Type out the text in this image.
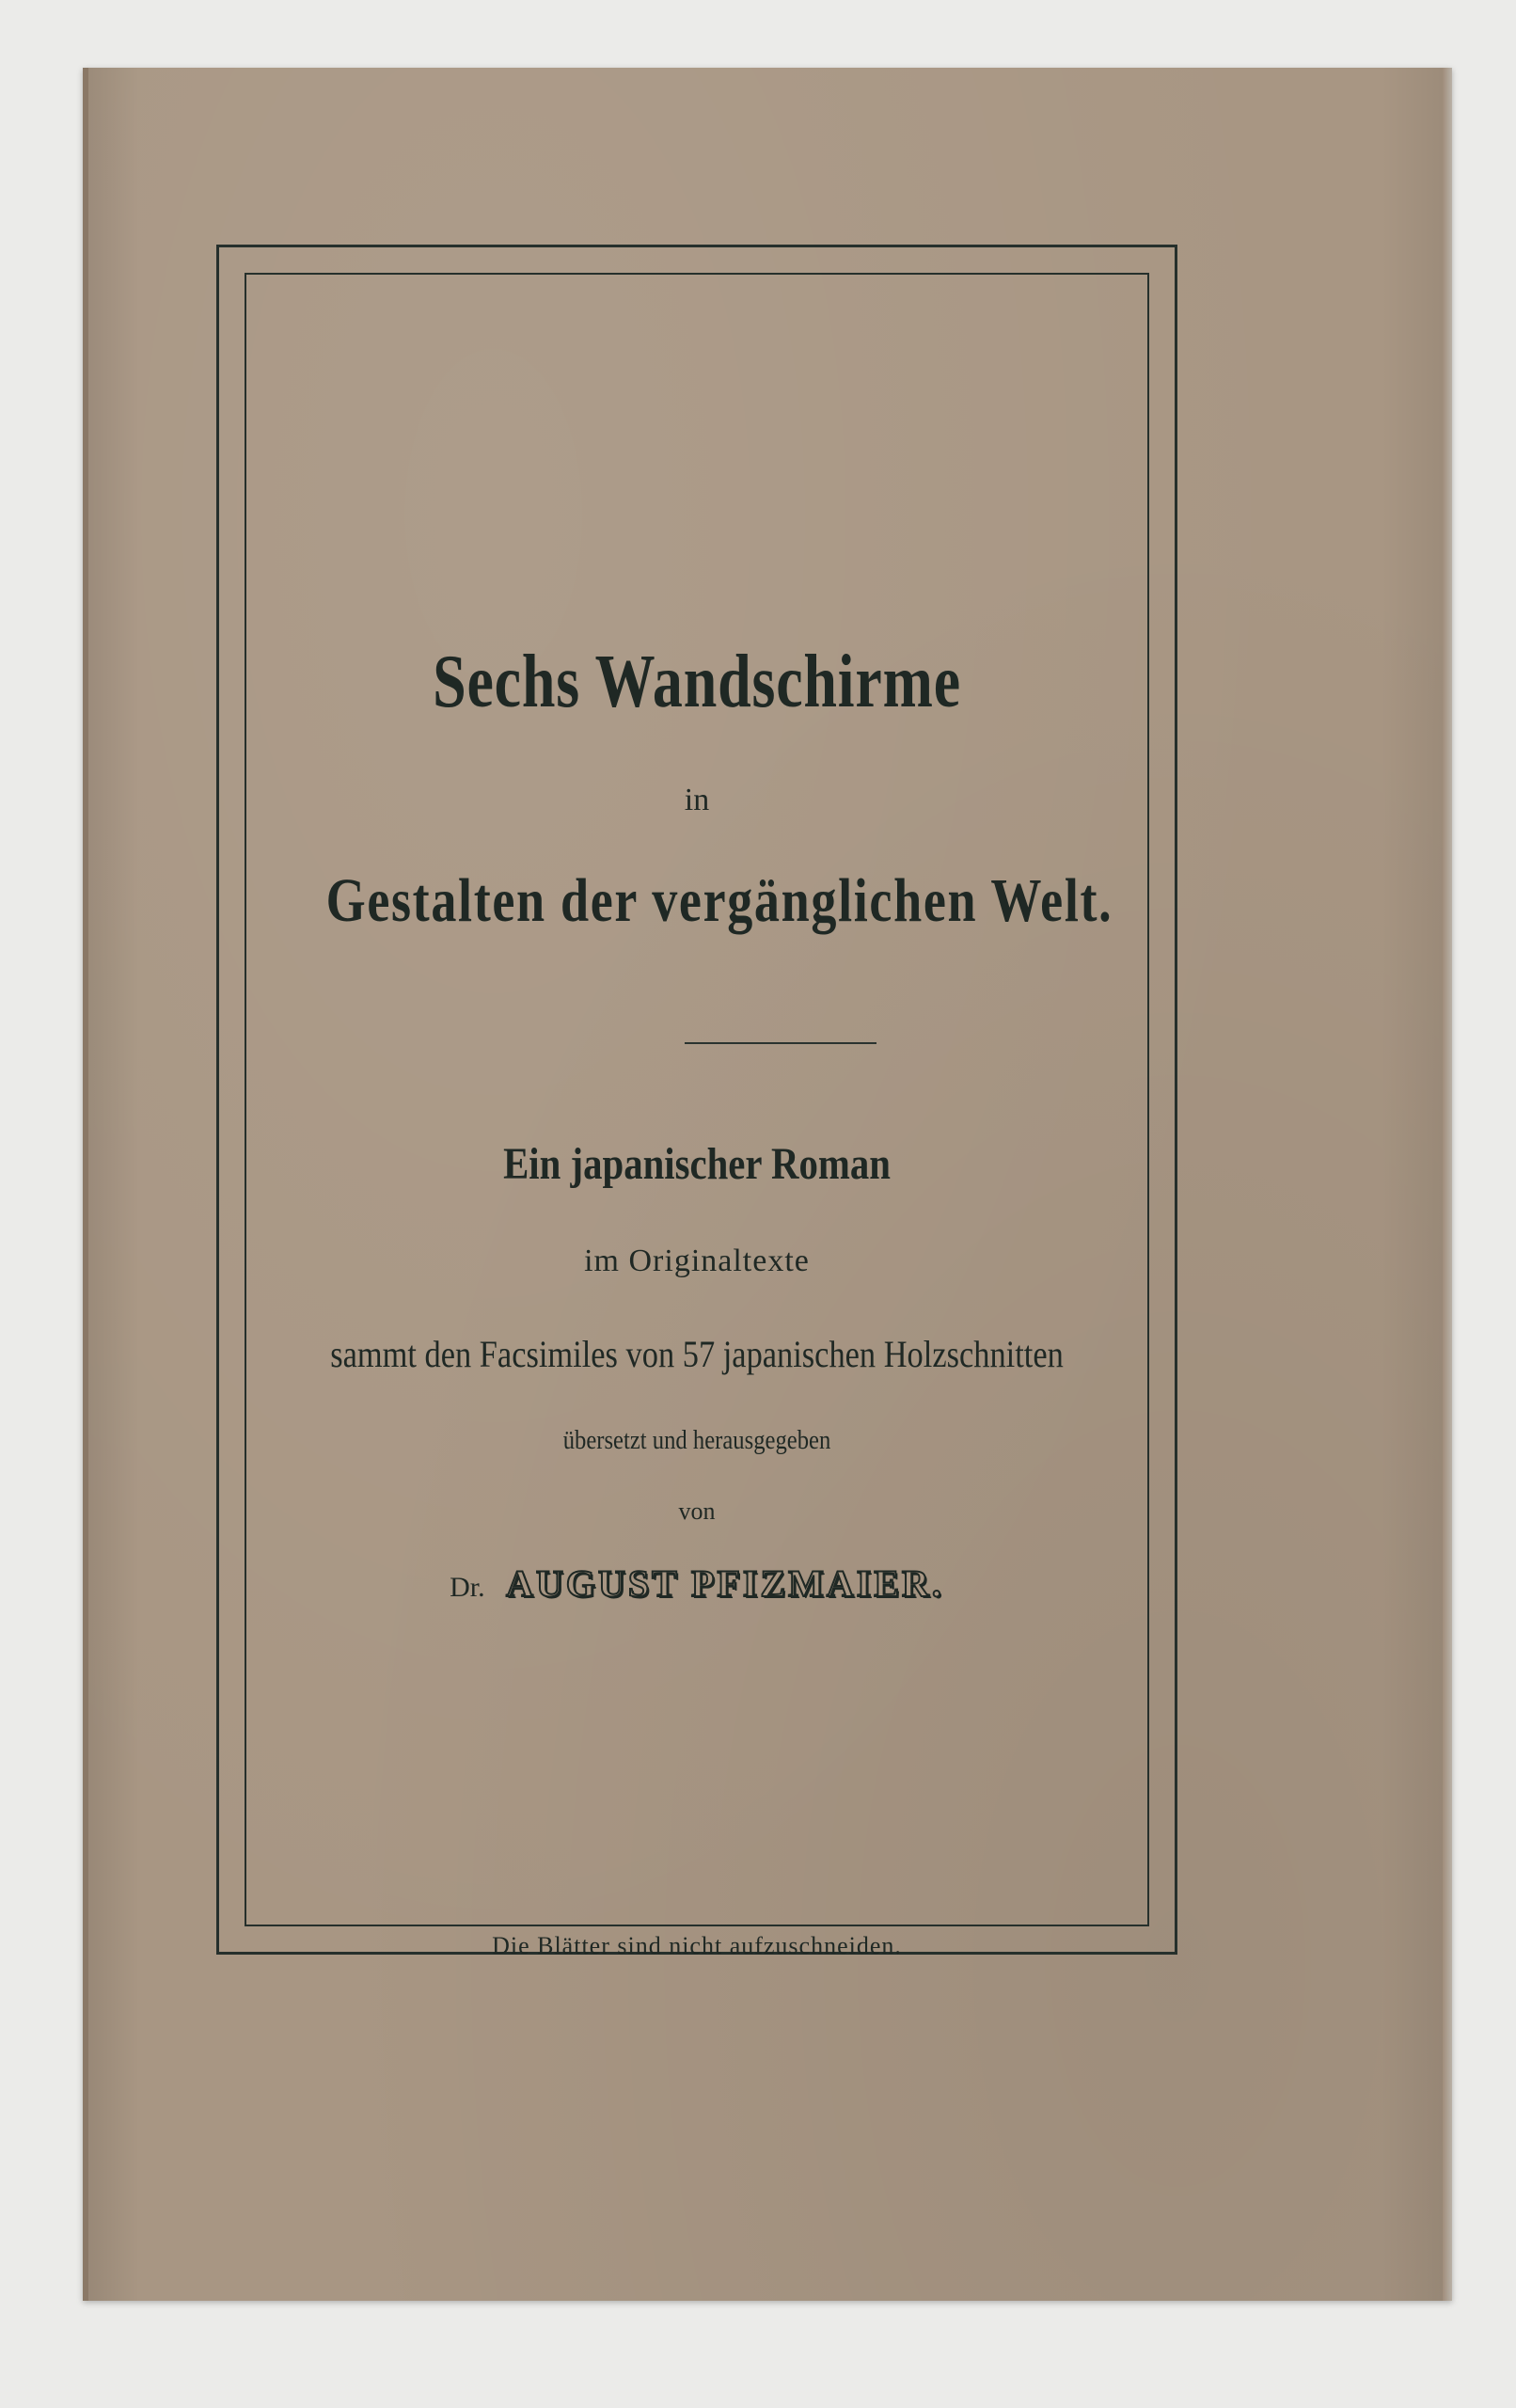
Sechs Wandschirme
in
Gestalten der vergänglichen Welt.
Ein japanischer Roman
im Originaltexte
sammt den Facsimiles von 57 japanischen Holzschnitten
übersetzt und herausgegeben
von
Dr. AUGUST PFIZMAIER.
Die Blätter sind nicht aufzuschneiden.
